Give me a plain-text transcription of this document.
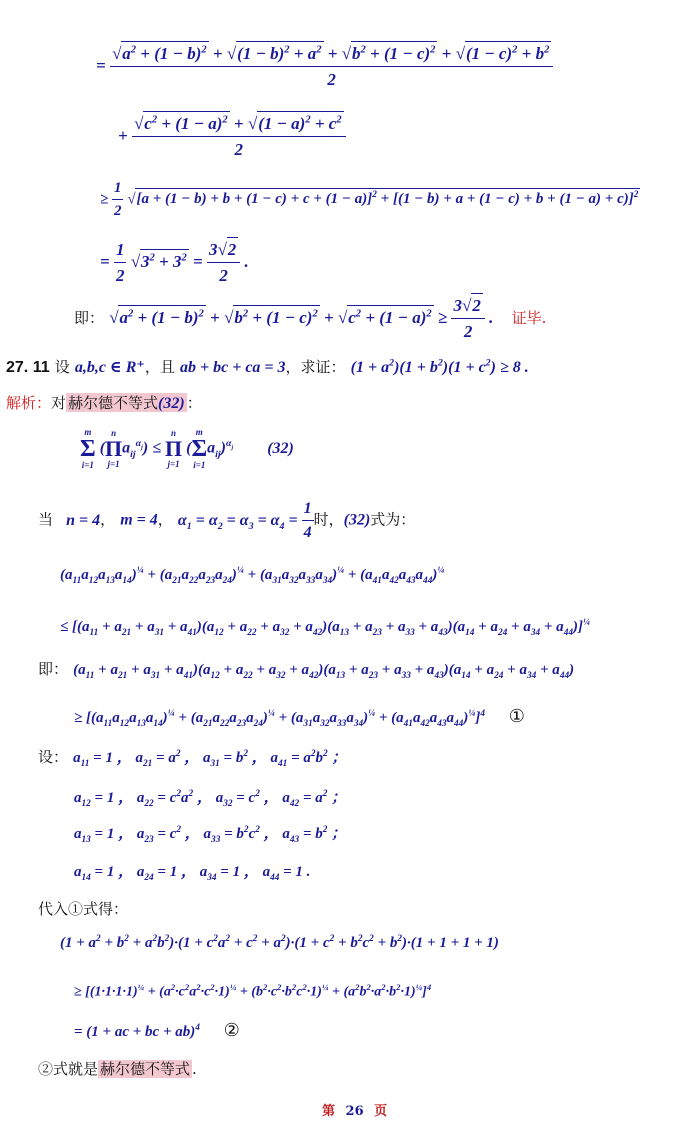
=
$√a^2 + (1 - b)^2 + √(1 - b)^2 + a^2 + √b^2 + (1 - c)^2 + √(1 - c)^2 + b^2$
2
+ $\frac{√c^2 + (1 - a)^2 + √(1 - a)^2 + c^2}{2}$
≥ $\frac{1}{2} √[a + (1 - b) + b + (1 - c) + c + (1 - a)]^2 + [(1 - b) + a + (1 - c) + b + (1 - a) + c)]^2$
= $\frac{1}{2} √3^2 + 3^2 = \frac{3√2}{2}$ .
即： $√a^2 + (1 - b)^2 + √b^2 + (1 - c)^2 + √c^2 + (1 - a)^2 \ge \frac{3√2}{2}$ . 证毕.
27. 11 设 a,b,c ∈ R⁺，且 ab + bc + ca = 3，求证： $(1 + a^2)(1 + b^2)(1 + c^2) \ge 8$ .
解析：对 赫尔德不等式(32) ：
m
Σ
i=1
(
n
Π
j=1
$a_{ij}^{\alpha_j}$) ≤
n
Π
j=1
(
m
Σ
i=1
$a_{ij})^{\alpha_j}$ (32)
当 n = 4， m = 4， $\alpha_1 = \alpha_2 = \alpha_3 = \alpha_4 = \frac{1}{4}$ 时，(32)式为：
$(a_{11}a_{12}a_{13}a_{14})^{\frac{1}{4}} + (a_{21}a_{22}a_{23}a_{24})^{\frac{1}{4}} + (a_{31}a_{32}a_{33}a_{34})^{\frac{1}{4}} + (a_{41}a_{42}a_{43}a_{44})^{\frac{1}{4}}$
≤ $[(a_{11} + a_{21} + a_{31} + a_{41})(a_{12} + a_{22} + a_{32} + a_{42})(a_{13} + a_{23} + a_{33} + a_{43})(a_{14} + a_{24} + a_{34} + a_{44})]^{\frac{1}{4}}$
即： $(a_{11} + a_{21} + a_{31} + a_{41})(a_{12} + a_{22} + a_{32} + a_{42})(a_{13} + a_{23} + a_{33} + a_{43})(a_{14} + a_{24} + a_{34} + a_{44})$
≥ $[(a_{11}a_{12}a_{13}a_{14})^{\frac{1}{4}} + (a_{21}a_{22}a_{23}a_{24})^{\frac{1}{4}} + (a_{31}a_{32}a_{33}a_{34})^{\frac{1}{4}} + (a_{41}a_{42}a_{43}a_{44})^{\frac{1}{4}}]^4$ ①
设： $a_{11} = 1$ ， $a_{21} = a^2$ ， $a_{31} = b^2$ ， $a_{41} = a^2b^2$ ；
$a_{12} = 1$ ， $a_{22} = c^2a^2$ ， $a_{32} = c^2$ ， $a_{42} = a^2$ ；
$a_{13} = 1$ ， $a_{23} = c^2$ ， $a_{33} = b^2c^2$ ， $a_{43} = b^2$ ；
$a_{14} = 1$ ， $a_{24} = 1$ ， $a_{34} = 1$ ， $a_{44} = 1$ .
代入①式得：
$(1 + a^2 + b^2 + a^2b^2)\cdot(1 + c^2a^2 + c^2 + a^2)\cdot(1 + c^2 + b^2c^2 + b^2)\cdot(1 + 1 + 1 + 1)$
≥ $[(1\cdot 1\cdot 1\cdot 1)^{\frac{1}{4}} + (a^2\cdot c^2a^2\cdot c^2\cdot 1)^{\frac{1}{4}} + (b^2\cdot c^2\cdot b^2c^2\cdot 1)^{\frac{1}{4}} + (a^2b^2\cdot a^2\cdot b^2\cdot 1)^{\frac{1}{4}}]^4$
= (1 + ac + bc + ab)$^4$ ②
②式就是 赫尔德不等式 .
第 26 页
